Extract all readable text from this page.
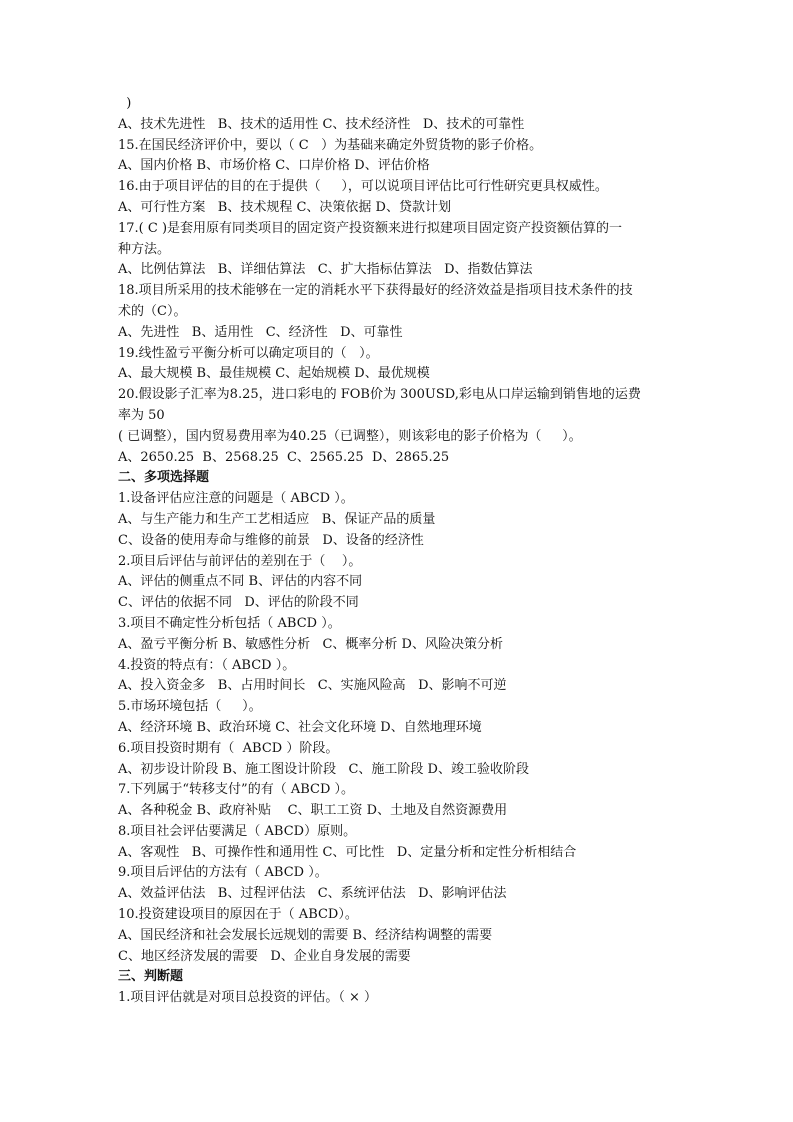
)
A、技术先进性   B、技术的适用性 C、技术经济性   D、技术的可靠性
15.在国民经济评价中，要以（ C   ）为基础来确定外贸货物的影子价格。
A、国内价格 B、市场价格 C、口岸价格 D、评估价格
16.由于项目评估的目的在于提供（     ），可以说项目评估比可行性研究更具权威性。
A、可行性方案   B、技术规程 C、决策依据 D、贷款计划
17.( C )是套用原有同类项目的固定资产投资额来进行拟建项目固定资产投资额估算的一
种方法。
A、比例估算法   B、详细估算法   C、扩大指标估算法   D、指数估算法
18.项目所采用的技术能够在一定的消耗水平下获得最好的经济效益是指项目技术条件的技
术的（C）。
A、先进性   B、适用性   C、经济性   D、可靠性
19.线性盈亏平衡分析可以确定项目的（   ）。
A、最大规模 B、最佳规模 C、起始规模 D、最优规模
20.假设影子汇率为8.25，进口彩电的 FOB价为 300USD,彩电从口岸运输到销售地的运费
率为 50
( 已调整），国内贸易费用率为40.25（已调整），则该彩电的影子价格为（     ）。
A、2650.25  B、2568.25  C、2565.25  D、2865.25
二、多项选择题
1.设备评估应注意的问题是（ ABCD ）。
A、与生产能力和生产工艺相适应   B、保证产品的质量
C、设备的使用寿命与维修的前景   D、设备的经济性
2.项目后评估与前评估的差别在于（    ）。
A、评估的侧重点不同 B、评估的内容不同
C、评估的依据不同   D、评估的阶段不同
3.项目不确定性分析包括（ ABCD ）。
A、盈亏平衡分析 B、敏感性分析   C、概率分析 D、风险决策分析
4.投资的特点有：（ ABCD ）。
A、投入资金多   B、占用时间长   C、实施风险高   D、影响不可逆
5.市场环境包括（     ）。
A、经济环境 B、政治环境 C、社会文化环境 D、自然地理环境
6.项目投资时期有（  ABCD ）阶段。
A、初步设计阶段 B、施工图设计阶段   C、施工阶段 D、竣工验收阶段
7.下列属于“转移支付”的有（ ABCD ）。
A、各种税金 B、政府补贴    C、职工工资 D、土地及自然资源费用
8.项目社会评估要满足（ ABCD）原则。
A、客观性   B、可操作性和通用性 C、可比性   D、定量分析和定性分析相结合
9.项目后评估的方法有（ ABCD ）。
A、效益评估法   B、过程评估法   C、系统评估法   D、影响评估法
10.投资建设项目的原因在于（ ABCD）。
A、国民经济和社会发展长远规划的需要 B、经济结构调整的需要
C、地区经济发展的需要   D、企业自身发展的需要
三、判断题
1.项目评估就是对项目总投资的评估。（ × ）
